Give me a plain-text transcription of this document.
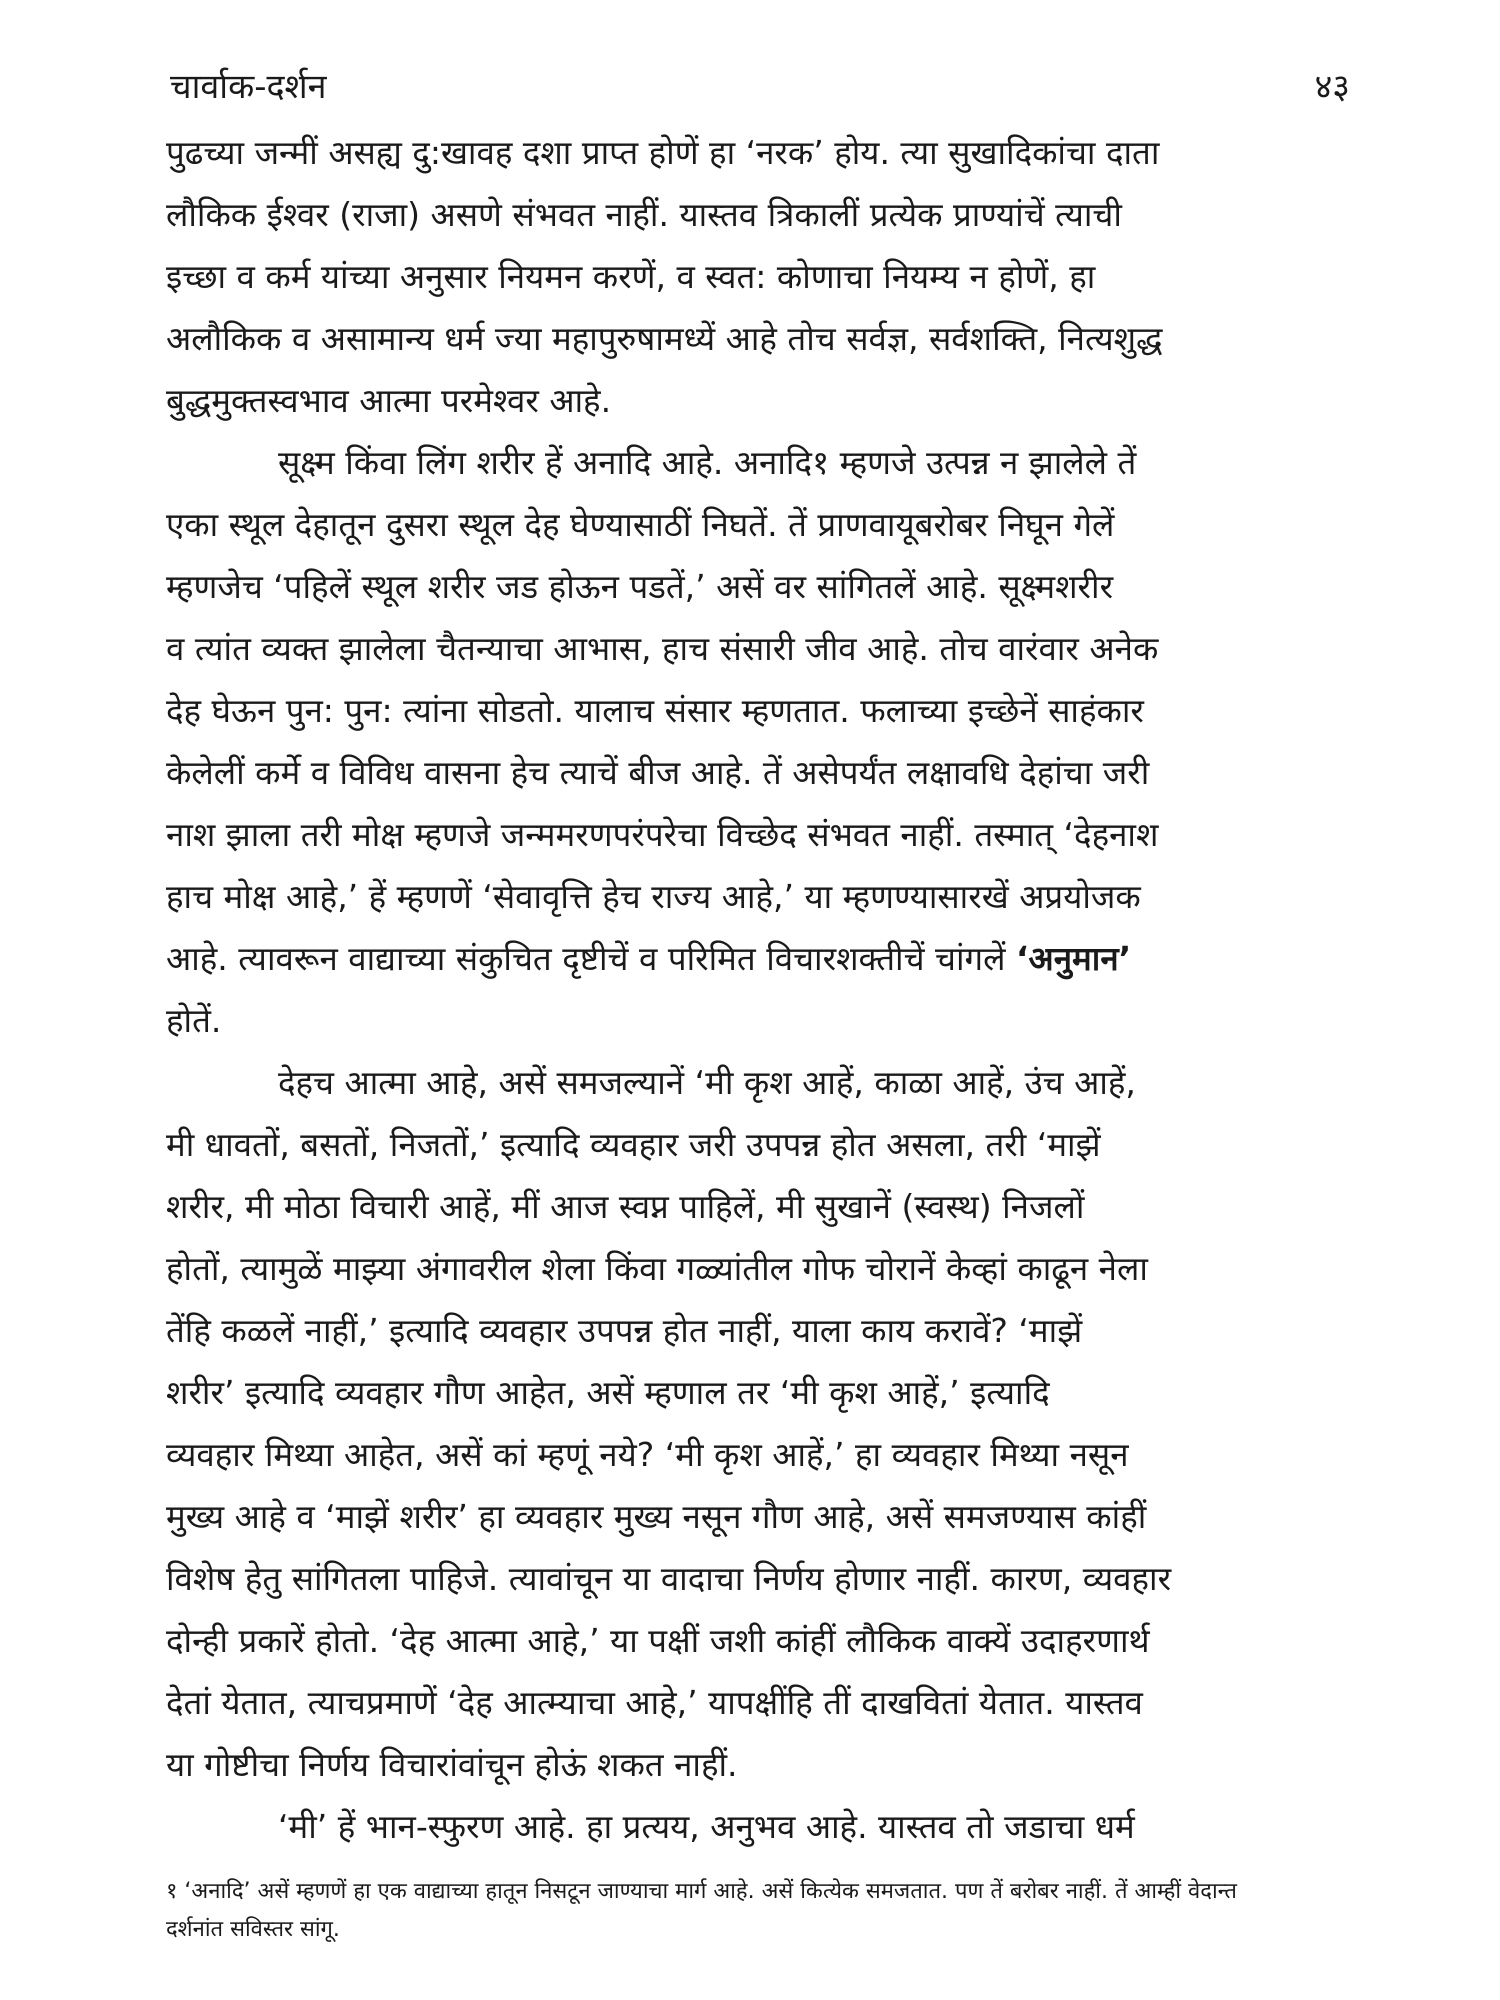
चार्वाक-दर्शन	४३
पुढच्या जन्मीं असह्य दु:खावह दशा प्राप्त होणें हा ‘नरक’ होय. त्या सुखादिकांचा दाता
लौकिक ईश्वर (राजा) असणे संभवत नाहीं. यास्तव त्रिकालीं प्रत्येक प्राण्यांचें त्याची
इच्छा व कर्म यांच्या अनुसार नियमन करणें, व स्वत: कोणाचा नियम्य न होणें, हा
अलौकिक व असामान्य धर्म ज्या महापुरुषामध्यें आहे तोच सर्वज्ञ, सर्वशक्ति, नित्यशुद्ध
बुद्धमुक्तस्वभाव आत्मा परमेश्वर आहे.
सूक्ष्म किंवा लिंग शरीर हें अनादि आहे. अनादि१ म्हणजे उत्पन्न न झालेले तें
एका स्थूल देहातून दुसरा स्थूल देह घेण्यासाठीं निघतें. तें प्राणवायूबरोबर निघून गेलें
म्हणजेच ‘पहिलें स्थूल शरीर जड होऊन पडतें,’ असें वर सांगितलें आहे. सूक्ष्मशरीर
व त्यांत व्यक्त झालेला चैतन्याचा आभास, हाच संसारी जीव आहे. तोच वारंवार अनेक
देह घेऊन पुन: पुन: त्यांना सोडतो. यालाच संसार म्हणतात. फलाच्या इच्छेनें साहंकार
केलेलीं कर्मे व विविध वासना हेच त्याचें बीज आहे. तें असेपर्यंत लक्षावधि देहांचा जरी
नाश झाला तरी मोक्ष म्हणजे जन्ममरणपरंपरेचा विच्छेद संभवत नाहीं. तस्मात् ‘देहनाश
हाच मोक्ष आहे,’ हें म्हणणें ‘सेवावृत्ति हेच राज्य आहे,’ या म्हणण्यासारखें अप्रयोजक
आहे. त्यावरून वाद्याच्या संकुचित दृष्टीचें व परिमित विचारशक्तीचें चांगलें ‘अनुमान’
होतें.
देहच आत्मा आहे, असें समजल्यानें ‘मी कृश आहें, काळा आहें, उंच आहें,
मी धावतों, बसतों, निजतों,’ इत्यादि व्यवहार जरी उपपन्न होत असला, तरी ‘माझें
शरीर, मी मोठा विचारी आहें, मीं आज स्वप्न पाहिलें, मी सुखानें (स्वस्थ) निजलों
होतों, त्यामुळें माझ्या अंगावरील शेला किंवा गळ्यांतील गोफ चोरानें केव्हां काढून नेला
तेंहि कळलें नाहीं,’ इत्यादि व्यवहार उपपन्न होत नाहीं, याला काय करावें? ‘माझें
शरीर’ इत्यादि व्यवहार गौण आहेत, असें म्हणाल तर ‘मी कृश आहें,’ इत्यादि
व्यवहार मिथ्या आहेत, असें कां म्हणूं नये? ‘मी कृश आहें,’ हा व्यवहार मिथ्या नसून
मुख्य आहे व ‘माझें शरीर’ हा व्यवहार मुख्य नसून गौण आहे, असें समजण्यास कांहीं
विशेष हेतु सांगितला पाहिजे. त्यावांचून या वादाचा निर्णय होणार नाहीं. कारण, व्यवहार
दोन्ही प्रकारें होतो. ‘देह आत्मा आहे,’ या पक्षीं जशी कांहीं लौकिक वाक्यें उदाहरणार्थ
देतां येतात, त्याचप्रमाणें ‘देह आत्म्याचा आहे,’ यापक्षींहि तीं दाखवितां येतात. यास्तव
या गोष्टीचा निर्णय विचारांवांचून होऊं शकत नाहीं.
‘मी’ हें भान-स्फुरण आहे. हा प्रत्यय, अनुभव आहे. यास्तव तो जडाचा धर्म
१ ‘अनादि’ असें म्हणणें हा एक वाद्याच्या हातून निसटून जाण्याचा मार्ग आहे. असें कित्येक समजतात. पण तें बरोबर नाहीं. तें आम्हीं वेदान्त
दर्शनांत सविस्तर सांगू.
